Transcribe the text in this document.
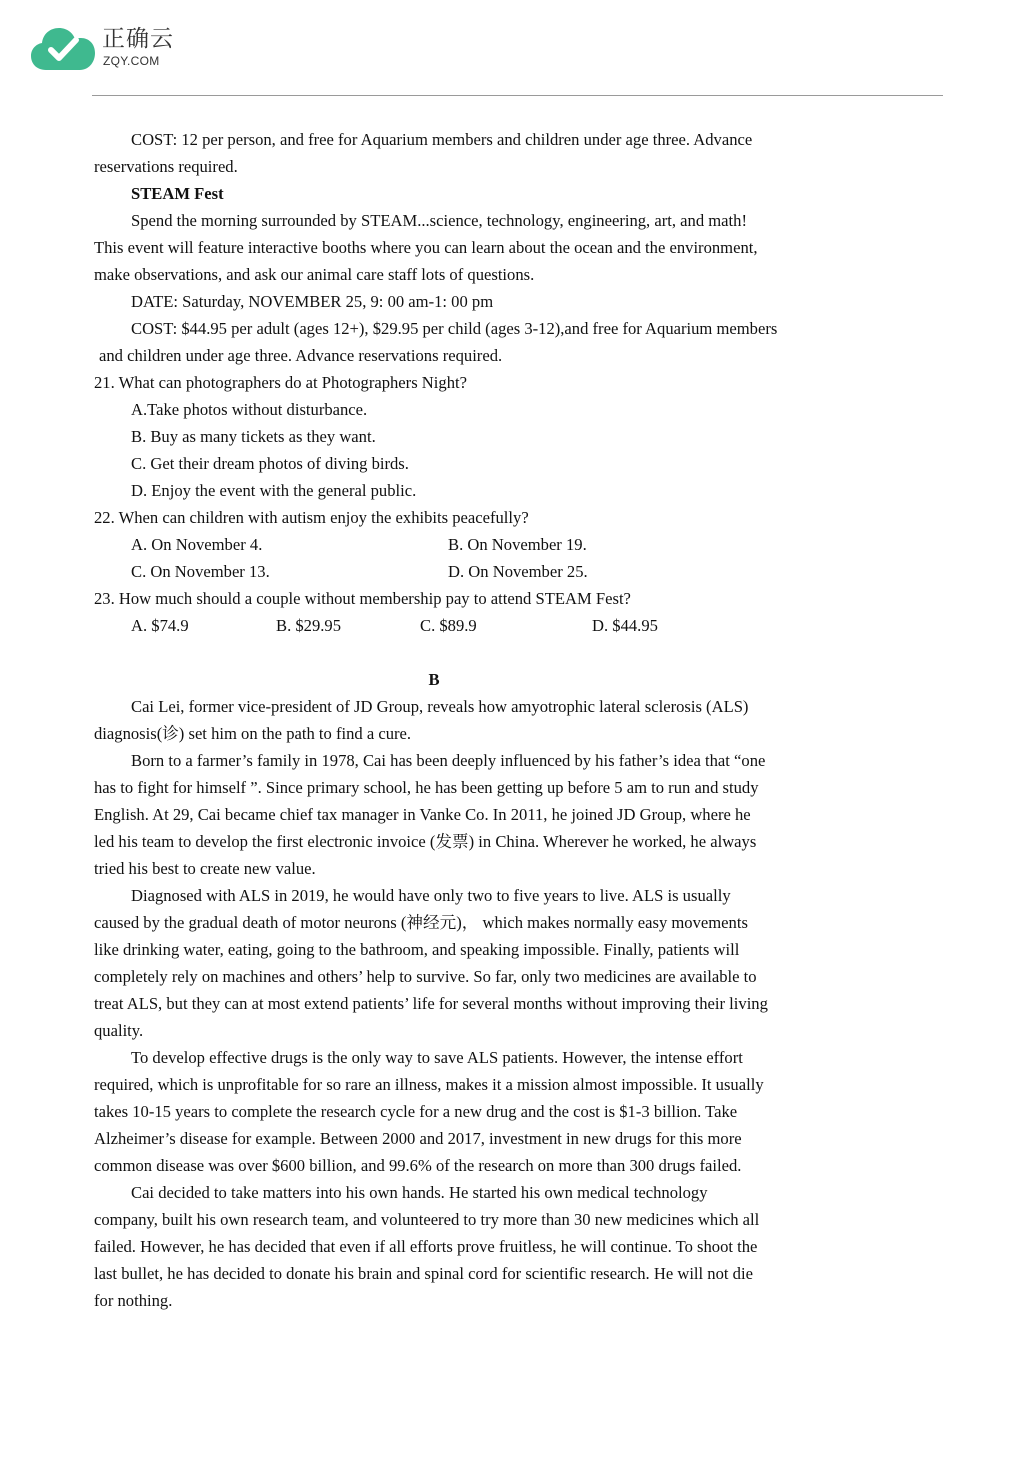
正确云
ZQY.COM
COST: 12 per person, and free for Aquarium members and children under age three. Advance
reservations required.
STEAM Fest
Spend the morning surrounded by STEAM...science, technology, engineering, art, and math!
This event will feature interactive booths where you can learn about the ocean and the environment,
make observations, and ask our animal care staff lots of questions.
DATE: Saturday, NOVEMBER 25, 9: 00 am-1: 00 pm
COST: $44.95 per adult (ages 12+), $29.95 per child (ages 3-12),and free for Aquarium members
and children under age three. Advance reservations required.
21. What can photographers do at Photographers Night?
A.Take photos without disturbance.
B. Buy as many tickets as they want.
C. Get their dream photos of diving birds.
D. Enjoy the event with the general public.
22. When can children with autism enjoy the exhibits peacefully?
A. On November 4.	B. On November 19.
C. On November 13.	D. On November 25.
23. How much should a couple without membership pay to attend STEAM Fest?
A. $74.9	B. $29.95	C. $89.9	D. $44.95
B
Cai Lei, former vice-president of JD Group, reveals how amyotrophic lateral sclerosis (ALS)
diagnosis(诊) set him on the path to find a cure.
Born to a farmer’s family in 1978, Cai has been deeply influenced by his father’s idea that “one
has to fight for himself ”. Since primary school, he has been getting up before 5 am to run and study
English. At 29, Cai became chief tax manager in Vanke Co. In 2011, he joined JD Group, where he
led his team to develop the first electronic invoice (发票) in China. Wherever he worked, he always
tried his best to create new value.
Diagnosed with ALS in 2019, he would have only two to five years to live. ALS is usually
caused by the gradual death of motor neurons (神经元)， which makes normally easy movements
like drinking water, eating, going to the bathroom, and speaking impossible. Finally, patients will
completely rely on machines and others’ help to survive. So far, only two medicines are available to
treat ALS, but they can at most extend patients’ life for several months without improving their living
quality.
To develop effective drugs is the only way to save ALS patients. However, the intense effort
required, which is unprofitable for so rare an illness, makes it a mission almost impossible. It usually
takes 10-15 years to complete the research cycle for a new drug and the cost is $1-3 billion. Take
Alzheimer’s disease for example. Between 2000 and 2017, investment in new drugs for this more
common disease was over $600 billion, and 99.6% of the research on more than 300 drugs failed.
Cai decided to take matters into his own hands. He started his own medical technology
company, built his own research team, and volunteered to try more than 30 new medicines which all
failed. However, he has decided that even if all efforts prove fruitless, he will continue. To shoot the
last bullet, he has decided to donate his brain and spinal cord for scientific research. He will not die
for nothing.
